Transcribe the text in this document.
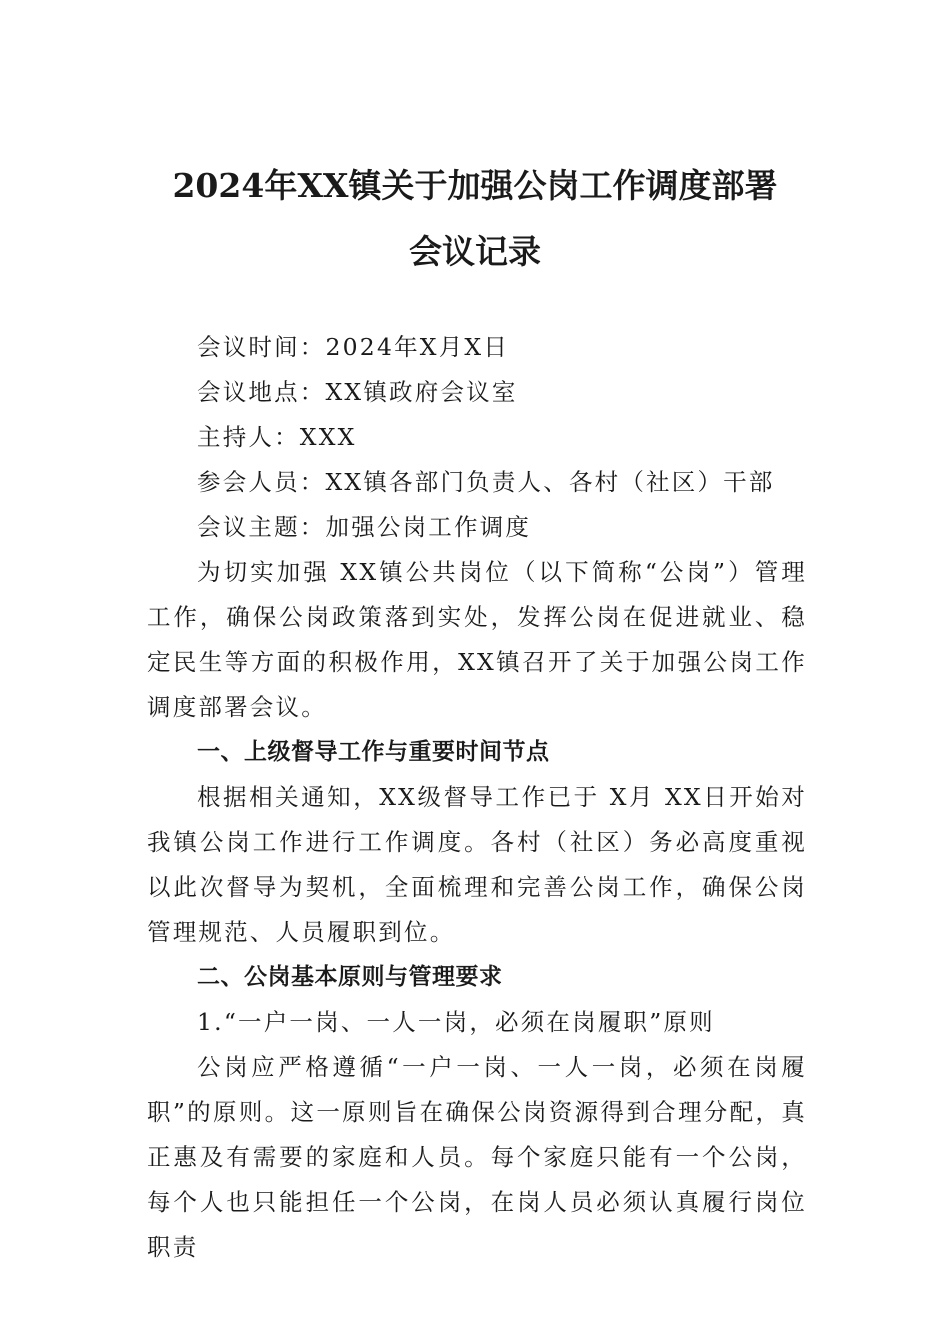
2024年XX镇关于加强公岗工作调度部署
会议记录

会议时间：2024年X月X日

会议地点：XX镇政府会议室

主持人：XXX

参会人员：XX镇各部门负责人、各村（社区）干部

会议主题：加强公岗工作调度

为切实加强 XX镇公共岗位（以下简称“公岗”）管理工作，确保公岗政策落到实处，发挥公岗在促进就业、稳定民生等方面的积极作用，XX镇召开了关于加强公岗工作调度部署会议。

一、上级督导工作与重要时间节点

根据相关通知，XX级督导工作已于 X月 XX日开始对我镇公岗工作进行工作调度。各村（社区）务必高度重视以此次督导为契机，全面梳理和完善公岗工作，确保公岗管理规范、人员履职到位。

二、公岗基本原则与管理要求

1.“一户一岗、一人一岗，必须在岗履职”原则

公岗应严格遵循“一户一岗、一人一岗，必须在岗履职”的原则。这一原则旨在确保公岗资源得到合理分配，真正惠及有需要的家庭和人员。每个家庭只能有一个公岗，每个人也只能担任一个公岗，在岗人员必须认真履行岗位职责
